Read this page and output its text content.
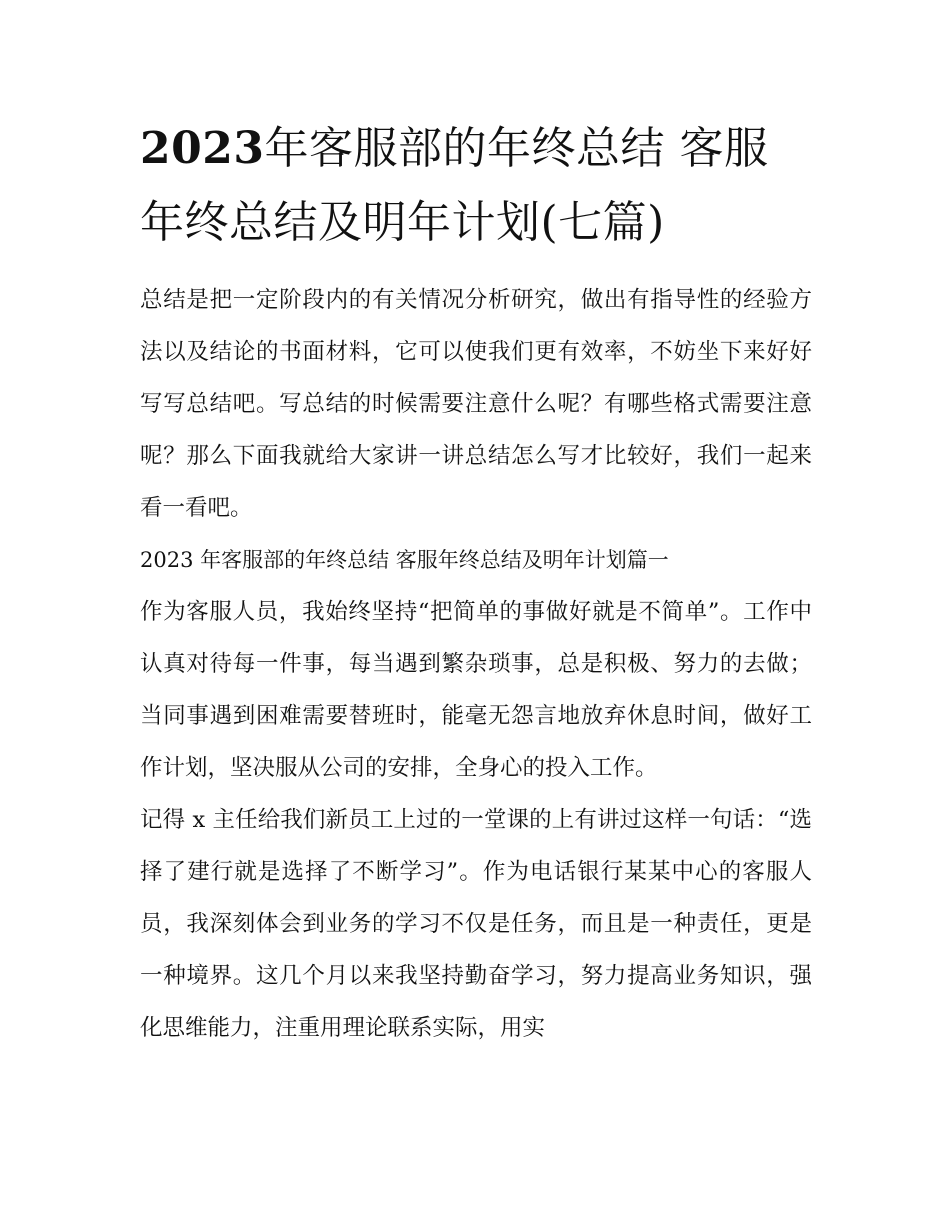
2023年客服部的年终总结 客服年终总结及明年计划(七篇)

总结是把一定阶段内的有关情况分析研究，做出有指导性的经验方法以及结论的书面材料，它可以使我们更有效率，不妨坐下来好好写写总结吧。写总结的时候需要注意什么呢？有哪些格式需要注意呢？那么下面我就给大家讲一讲总结怎么写才比较好，我们一起来看一看吧。

2023 年客服部的年终总结 客服年终总结及明年计划篇一

作为客服人员，我始终坚持“把简单的事做好就是不简单”。工作中认真对待每一件事，每当遇到繁杂琐事，总是积极、努力的去做；当同事遇到困难需要替班时，能毫无怨言地放弃休息时间，做好工作计划，坚决服从公司的安排，全身心的投入工作。

记得 x 主任给我们新员工上过的一堂课的上有讲过这样一句话：“选择了建行就是选择了不断学习”。作为电话银行某某中心的客服人员，我深刻体会到业务的学习不仅是任务，而且是一种责任，更是一种境界。这几个月以来我坚持勤奋学习，努力提高业务知识，强化思维能力，注重用理论联系实际，用实
